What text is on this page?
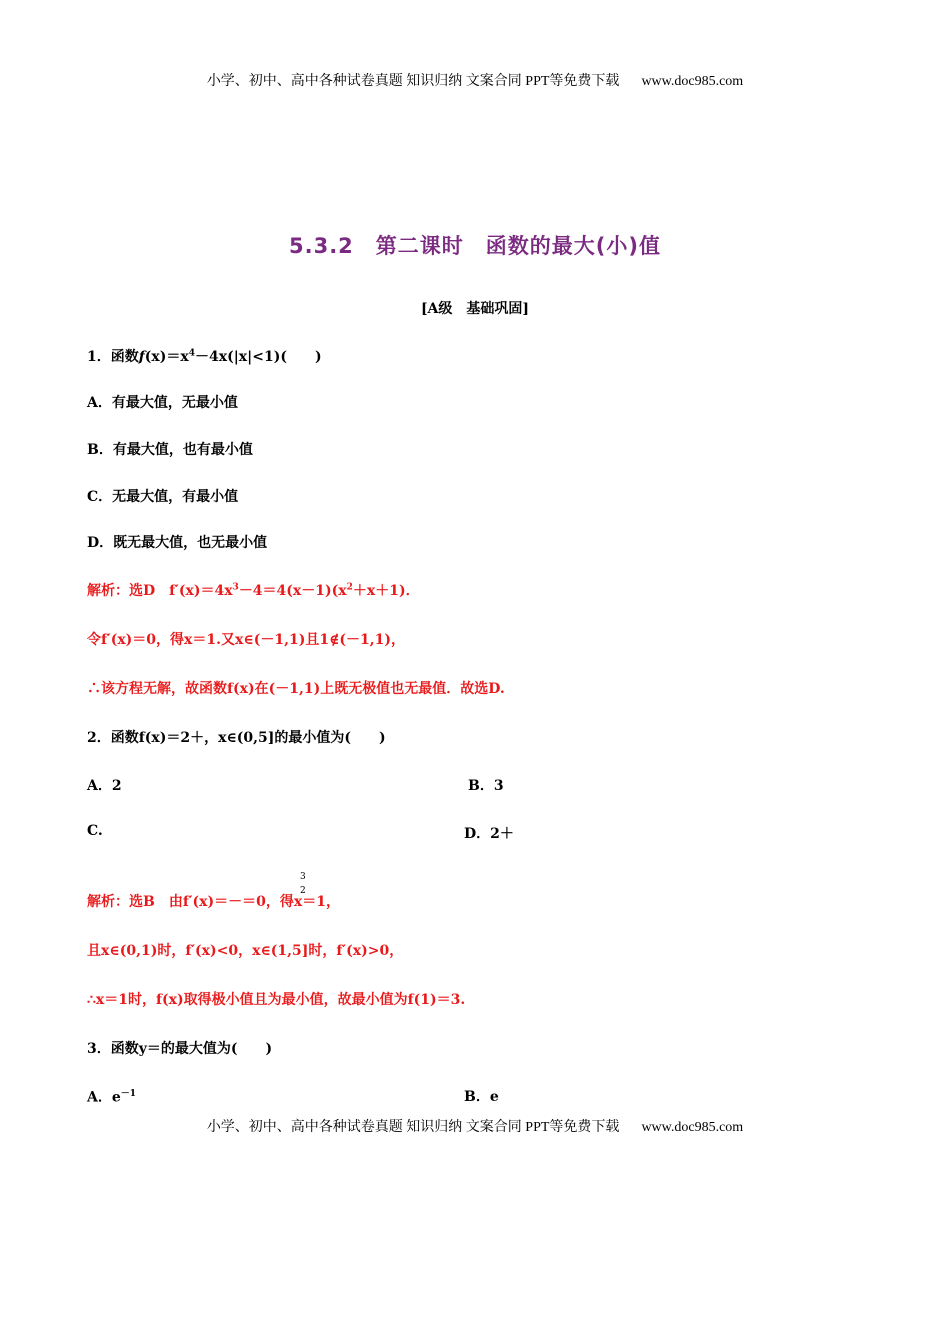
小学、初中、高中各种试卷真题 知识归纳 文案合同 PPT等免费下载 www.doc985.com
5.3.2　第二课时　函数的最大(小)值
[A级　基础巩固]
1．函数$f(x)=x^4-4x(|x|<1)$(　　)
A．有最大值，无最小值
B．有最大值，也有最小值
C．无最大值，有最小值
D．既无最大值，也无最小值
解析：选D　$f'(x)=4x^3-4=4(x-1)(x^2+x+1)$．
令f′(x)＝0，得x＝1.又x∈(－1,1)且1∉(－1,1)，
∴该方程无解，故函数f(x)在(－1,1)上既无极值也无最值．故选D.
2．函数f(x)＝2＋，x∈(0,5]的最小值为(　　)
A．2	B．3
C.	D．2＋
3
2
解析：选B　由f′(x)＝－＝0，得x＝1，
且x∈(0,1)时，f′(x)<0，x∈(1,5]时，f′(x)>0，
∴x＝1时，f(x)取得极小值且为最小值，故最小值为f(1)＝3.
3．函数y＝的最大值为(　　)
A．$e^{-1}$	B．e
小学、初中、高中各种试卷真题 知识归纳 文案合同 PPT等免费下载 www.doc985.com
